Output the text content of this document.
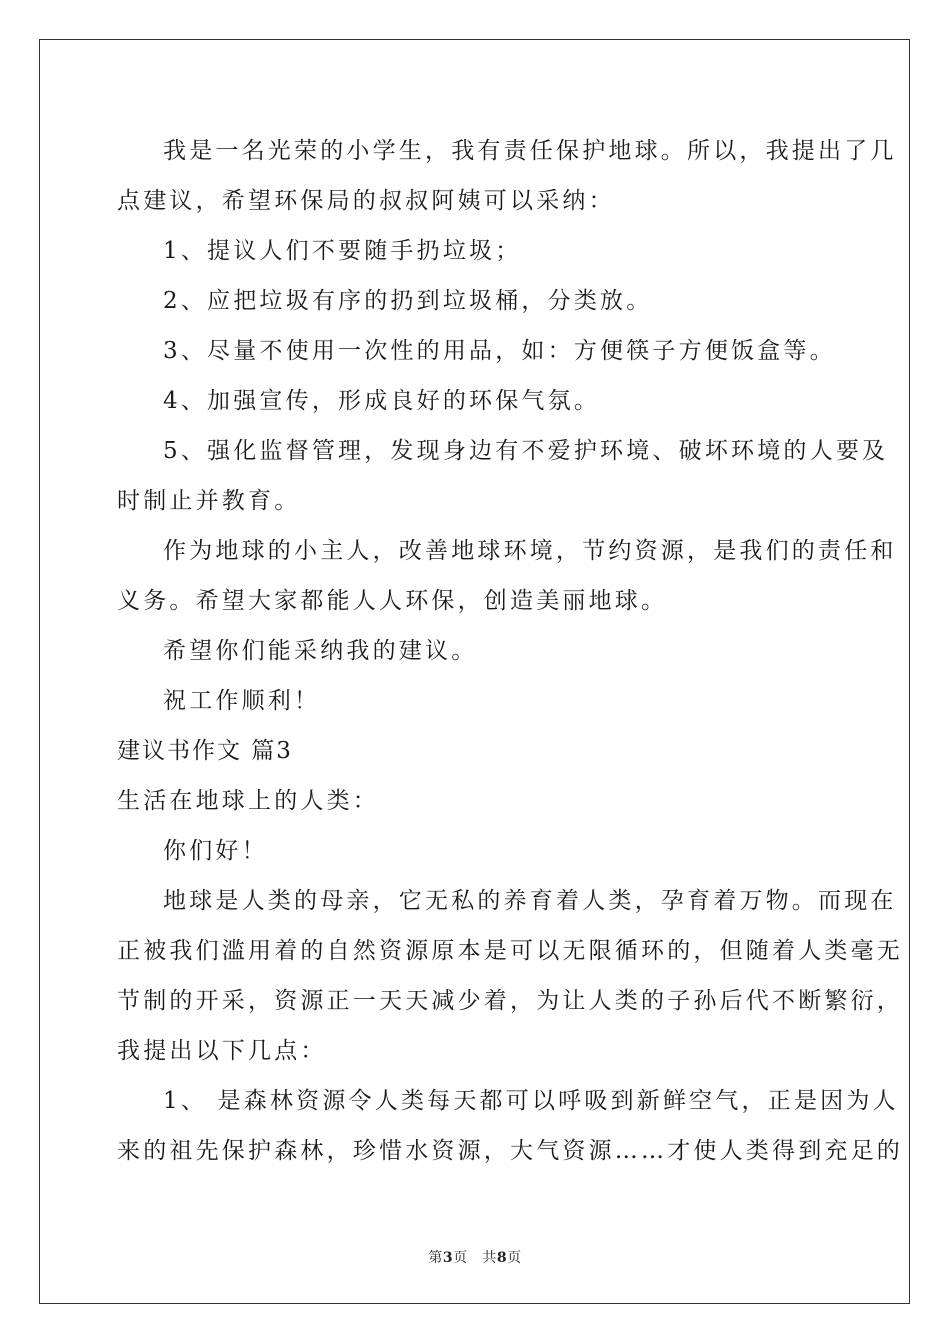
我是一名光荣的小学生，我有责任保护地球。所以，我提出了几
点建议，希望环保局的叔叔阿姨可以采纳：
1、提议人们不要随手扔垃圾；
2、应把垃圾有序的扔到垃圾桶，分类放。
3、尽量不使用一次性的用品，如：方便筷子方便饭盒等。
4、加强宣传，形成良好的环保气氛。
5、强化监督管理，发现身边有不爱护环境、破坏环境的人要及
时制止并教育。
作为地球的小主人，改善地球环境，节约资源，是我们的责任和
义务。希望大家都能人人环保，创造美丽地球。
希望你们能采纳我的建议。
祝工作顺利！
建议书作文 篇3
生活在地球上的人类：
你们好！
地球是人类的母亲，它无私的养育着人类，孕育着万物。而现在
正被我们滥用着的自然资源原本是可以无限循环的，但随着人类毫无
节制的开采，资源正一天天减少着，为让人类的子孙后代不断繁衍，
我提出以下几点：
1、 是森林资源令人类每天都可以呼吸到新鲜空气，正是因为人
来的祖先保护森林，珍惜水资源，大气资源……才使人类得到充足的
第3页   共8页
